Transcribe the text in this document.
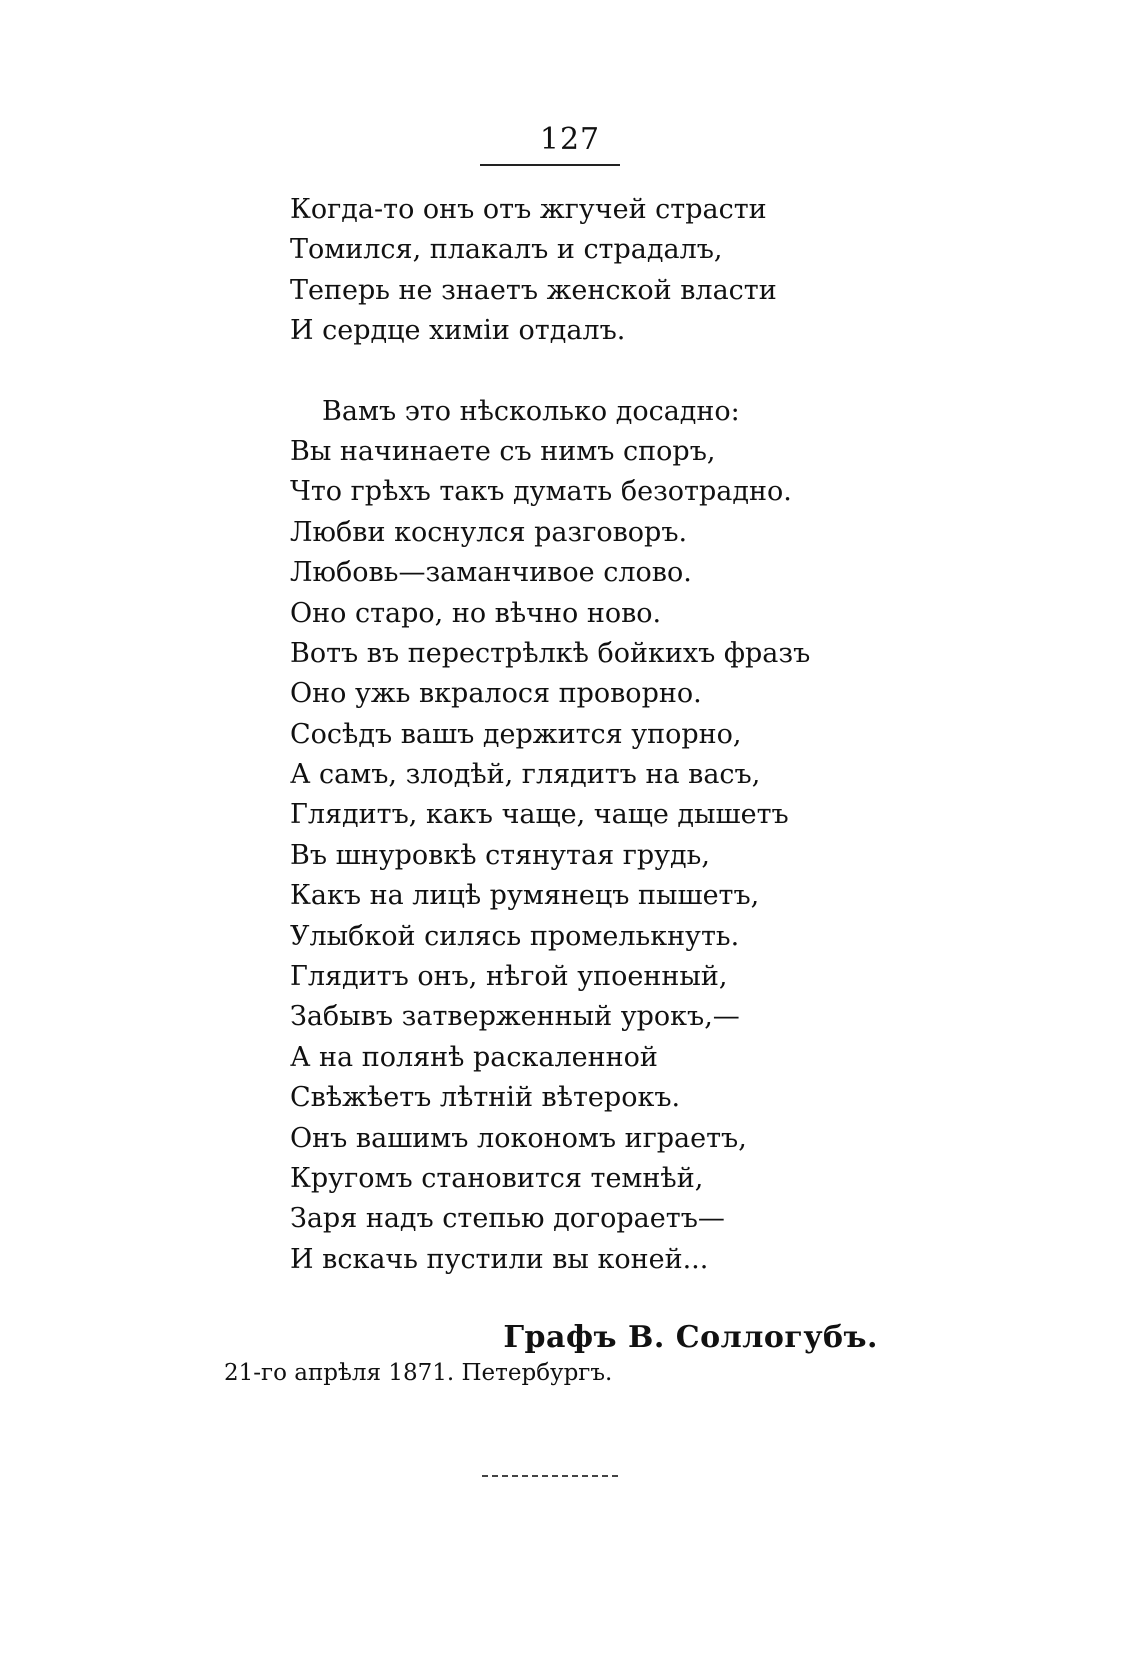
127
Когда-то онъ отъ жгучей страсти
Томился, плакалъ и страдалъ,
Теперь не знаетъ женской власти
И сердце химіи отдалъ.
Вамъ это нѣсколько досадно:
Вы начинаете съ нимъ споръ,
Что грѣхъ такъ думать безотрадно.
Любви коснулся разговоръ.
Любовь—заманчивое слово.
Оно старо, но вѣчно ново.
Вотъ въ перестрѣлкѣ бойкихъ фразъ
Оно ужь вкралося проворно.
Сосѣдъ вашъ держится упорно,
А самъ, злодѣй, глядитъ на васъ,
Глядитъ, какъ чаще, чаще дышетъ
Въ шнуровкѣ стянутая грудь,
Какъ на лицѣ румянецъ пышетъ,
Улыбкой силясь промелькнуть.
Глядитъ онъ, нѣгой упоенный,
Забывъ затверженный урокъ,—
А на полянѣ раскаленной
Свѣжѣетъ лѣтній вѣтерокъ.
Онъ вашимъ локономъ играетъ,
Кругомъ становится темнѣй,
Заря надъ степью догораетъ—
И вскачь пустили вы коней...
Графъ В. Соллогубъ.
21-го апрѣля 1871. Петербургъ.
